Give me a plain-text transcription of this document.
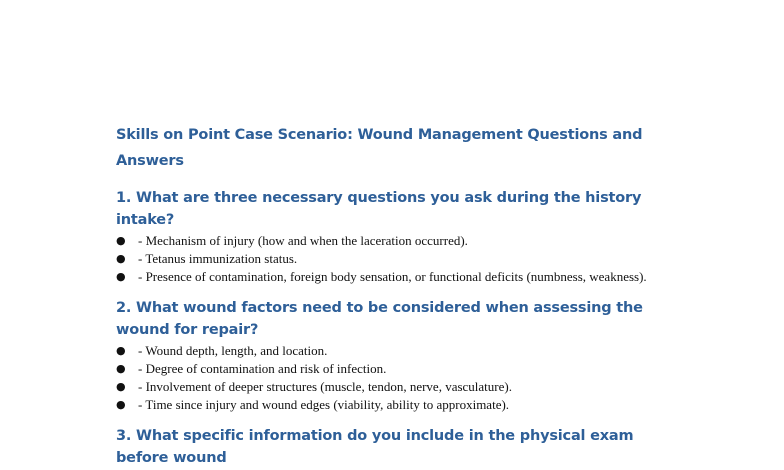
Skills on Point Case Scenario: Wound Management Questions and Answers
1. What are three necessary questions you ask during the history intake?
● - Mechanism of injury (how and when the laceration occurred).
● - Tetanus immunization status.
● - Presence of contamination, foreign body sensation, or functional deficits (numbness, weakness).
2. What wound factors need to be considered when assessing the wound for repair?
● - Wound depth, length, and location.
● - Degree of contamination and risk of infection.
● - Involvement of deeper structures (muscle, tendon, nerve, vasculature).
● - Time since injury and wound edges (viability, ability to approximate).
3. What specific information do you include in the physical exam before wound
